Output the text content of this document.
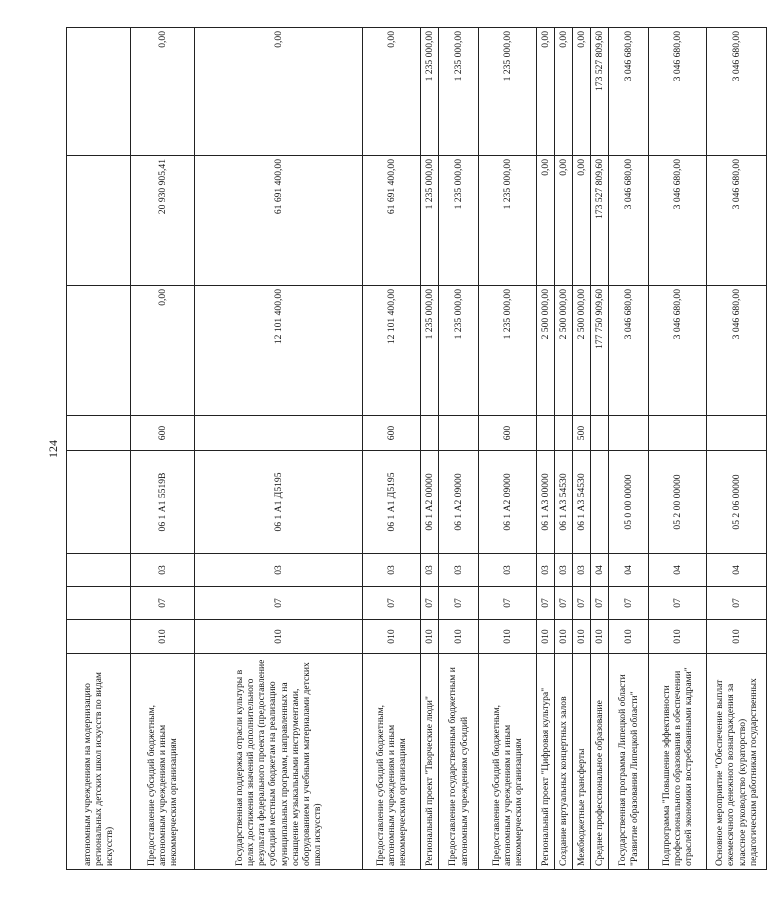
124
автономным учреждениям на модернизацию региональных детских школ искусств по видам искусств)								
Предоставление субсидий бюджетным, автономным учреждениям и иным некоммерческим организациям	010	07	03	06 1 А1 5519В	600	0,00	20 930 905,41	0,00
Государственная поддержка отрасли культуры в целях достижения значений дополнительного результата федерального проекта (предоставление субсидий местным бюджетам на реализацию муниципальных программ, направленных на оснащение музыкальными инструментами, оборудованием и учебными материалами детских школ искусств)	010	07	03	06 1 А1 Д5195		12 101 400,00	61 691 400,00	0,00
Предоставление субсидий бюджетным, автономным учреждениям и иным некоммерческим организациям	010	07	03	06 1 А1 Д5195	600	12 101 400,00	61 691 400,00	0,00
Региональный проект "Творческие люди"	010	07	03	06 1 А2 00000		1 235 000,00	1 235 000,00	1 235 000,00
Предоставление государственным бюджетным и автономным учреждениям субсидий	010	07	03	06 1 А2 09000		1 235 000,00	1 235 000,00	1 235 000,00
Предоставление субсидий бюджетным, автономным учреждениям и иным некоммерческим организациям	010	07	03	06 1 А2 09000	600	1 235 000,00	1 235 000,00	1 235 000,00
Региональный проект "Цифровая культура"	010	07	03	06 1 А3 00000		2 500 000,00	0,00	0,00
Создание виртуальных концертных залов	010	07	03	06 1 А3 54530		2 500 000,00	0,00	0,00
Межбюджетные трансферты	010	07	03	06 1 А3 54530	500	2 500 000,00	0,00	0,00
Среднее профессиональное образование	010	07	04			177 750 909,60	173 527 809,60	173 527 809,60
Государственная программа Липецкой области "Развитие образования Липецкой области"	010	07	04	05 0 00 00000		3 046 680,00	3 046 680,00	3 046 680,00
Подпрограмма "Повышение эффективности профессионального образования в обеспечении отраслей экономики востребованными кадрами"	010	07	04	05 2 00 00000		3 046 680,00	3 046 680,00	3 046 680,00
Основное мероприятие "Обеспечение выплат ежемесячного денежного вознаграждения за классное руководство (кураторство) педагогическим работникам государственных	010	07	04	05 2 06 00000		3 046 680,00	3 046 680,00	3 046 680,00
